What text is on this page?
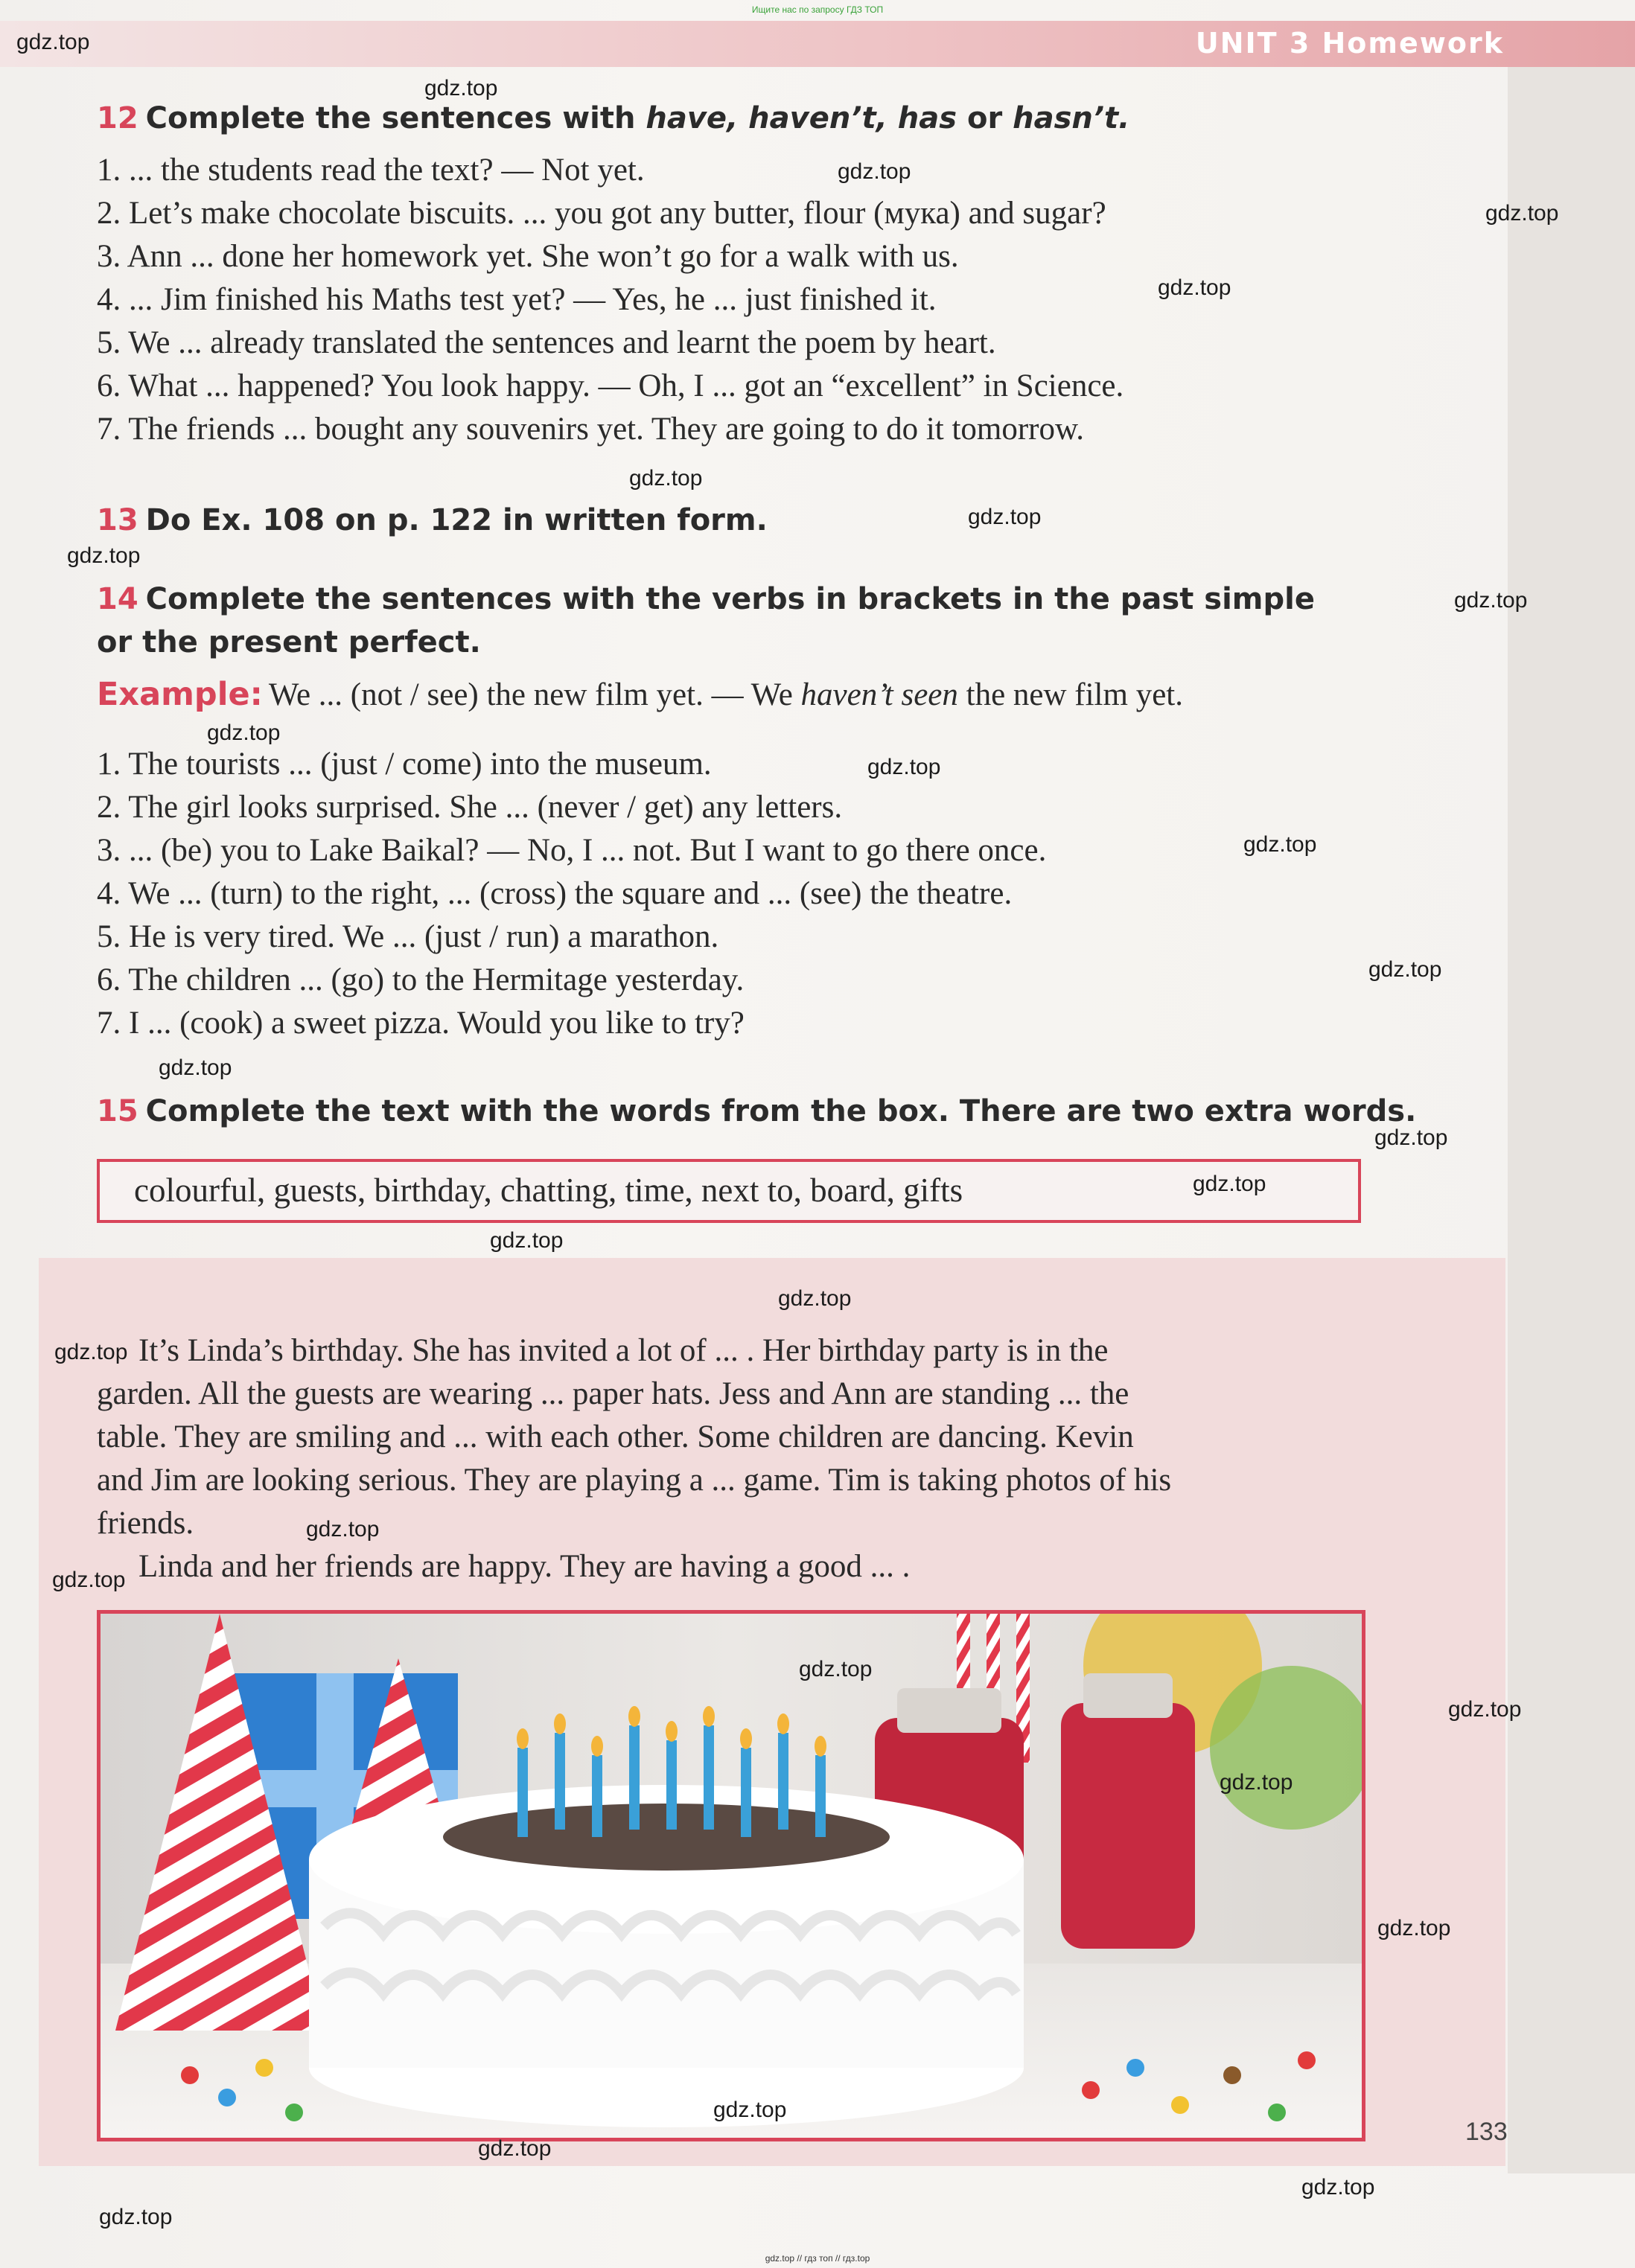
Ищите нас по запросу ГДЗ ТОП
UNIT 3 Homework
12 Complete the sentences with have, haven’t, has or hasn’t.
1. ... the students read the text? — Not yet.
2. Let’s make chocolate biscuits. ... you got any butter, flour (мука) and sugar?
3. Ann ... done her homework yet. She won’t go for a walk with us.
4. ... Jim finished his Maths test yet? — Yes, he ... just finished it.
5. We ... already translated the sentences and learnt the poem by heart.
6. What ... happened? You look happy. — Oh, I ... got an “excellent” in Science.
7. The friends ... bought any souvenirs yet. They are going to do it tomorrow.
13 Do Ex. 108 on p. 122 in written form.
14 Complete the sentences with the verbs in brackets in the past simple
or the present perfect.
Example: We ... (not / see) the new film yet. — We haven’t seen the new film yet.
1. The tourists ... (just / come) into the museum.
2. The girl looks surprised. She ... (never / get) any letters.
3. ... (be) you to Lake Baikal? — No, I ... not. But I want to go there once.
4. We ... (turn) to the right, ... (cross) the square and ... (see) the theatre.
5. He is very tired. We ... (just / run) a marathon.
6. The children ... (go) to the Hermitage yesterday.
7. I ... (cook) a sweet pizza. Would you like to try?
15 Complete the text with the words from the box. There are two extra words.
colourful, guests, birthday, chatting, time, next to, board, gifts
It’s Linda’s birthday. She has invited a lot of ... . Her birthday party is in the
garden. All the guests are wearing ... paper hats. Jess and Ann are standing ... the
table. They are smiling and ... with each other. Some children are dancing. Kevin
and Jim are looking serious. They are playing a ... game. Tim is taking photos of his
friends.
Linda and her friends are happy. They are having a good ... .
gdz.top
gdz.top
gdz.top
gdz.top
gdz.top
gdz.top
gdz.top
gdz.top
gdz.top
gdz.top
gdz.top
gdz.top
gdz.top
gdz.top
gdz.top
gdz.top
gdz.top
gdz.top
gdz.top
gdz.top
gdz.top
gdz.top
gdz.top
gdz.top
gdz.top
gdz.top
gdz.top
gdz.top
gdz.top
133
gdz.top // гдз топ // гдз.top
